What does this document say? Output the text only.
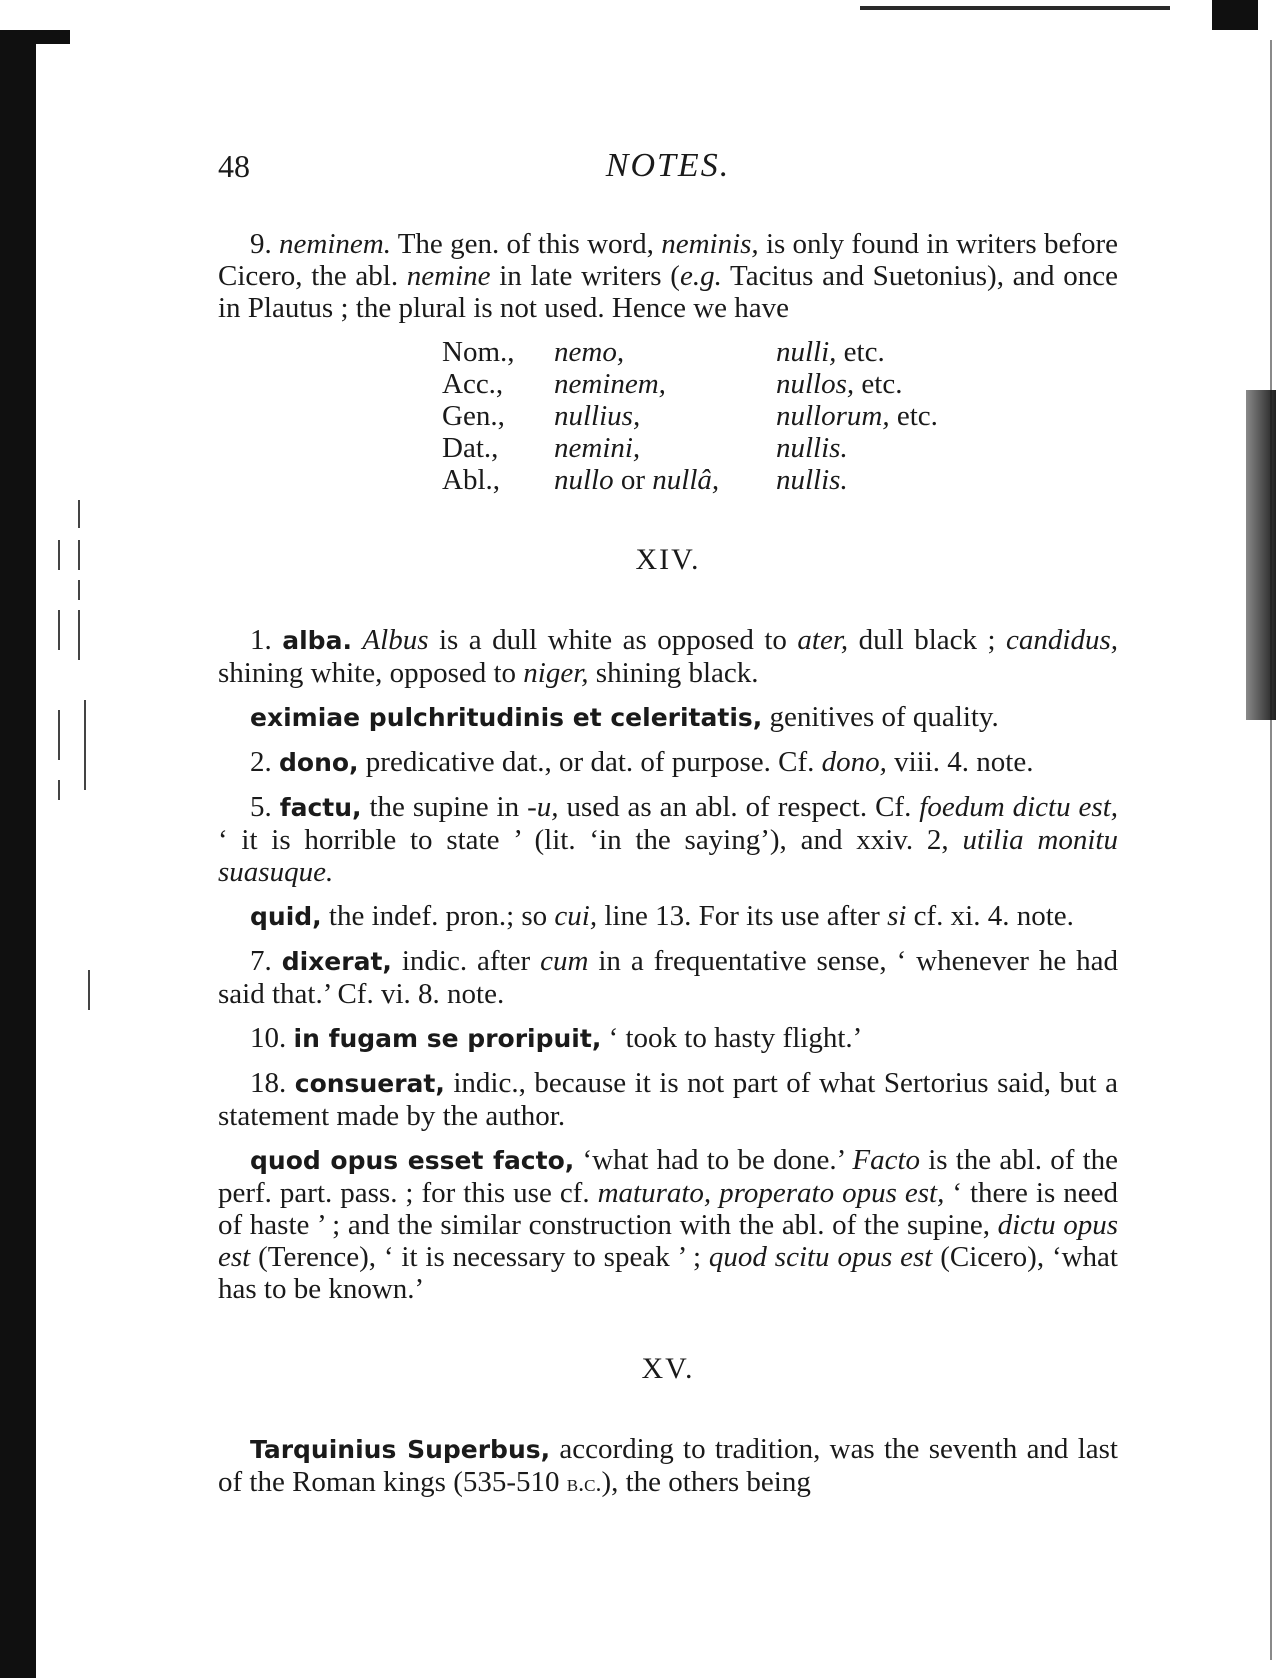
48	NOTES.

9. neminem. The gen. of this word, neminis, is only found in writers before Cicero, the abl. nemine in late writers (e.g. Tacitus and Suetonius), and once in Plautus ; the plural is not used. Hence we have

Nom.,	nemo,	nulli, etc.
Acc.,	neminem,	nullos, etc.
Gen.,	nullius,	nullorum, etc.
Dat.,	nemini,	nullis.
Abl.,	nullo or nullâ,	nullis.
XIV.

1. alba. Albus is a dull white as opposed to ater, dull black ; candidus, shining white, opposed to niger, shining black.

eximiae pulchritudinis et celeritatis, genitives of quality.

2. dono, predicative dat., or dat. of purpose. Cf. dono, viii. 4. note.

5. factu, the supine in -u, used as an abl. of respect. Cf. foedum dictu est, ‘ it is horrible to state ’ (lit. ‘in the saying’), and xxiv. 2, utilia monitu suasuque.

quid, the indef. pron.; so cui, line 13. For its use after si cf. xi. 4. note.

7. dixerat, indic. after cum in a frequentative sense, ‘ whenever he had said that.’ Cf. vi. 8. note.

10. in fugam se proripuit, ‘ took to hasty flight.’

18. consuerat, indic., because it is not part of what Sertorius said, but a statement made by the author.

quod opus esset facto, ‘what had to be done.’ Facto is the abl. of the perf. part. pass. ; for this use cf. maturato, properato opus est, ‘ there is need of haste ’ ; and the similar construction with the abl. of the supine, dictu opus est (Terence), ‘ it is necessary to speak ’ ; quod scitu opus est (Cicero), ‘what has to be known.’

XV.

Tarquinius Superbus, according to tradition, was the seventh and last of the Roman kings (535-510 b.c.), the others being
